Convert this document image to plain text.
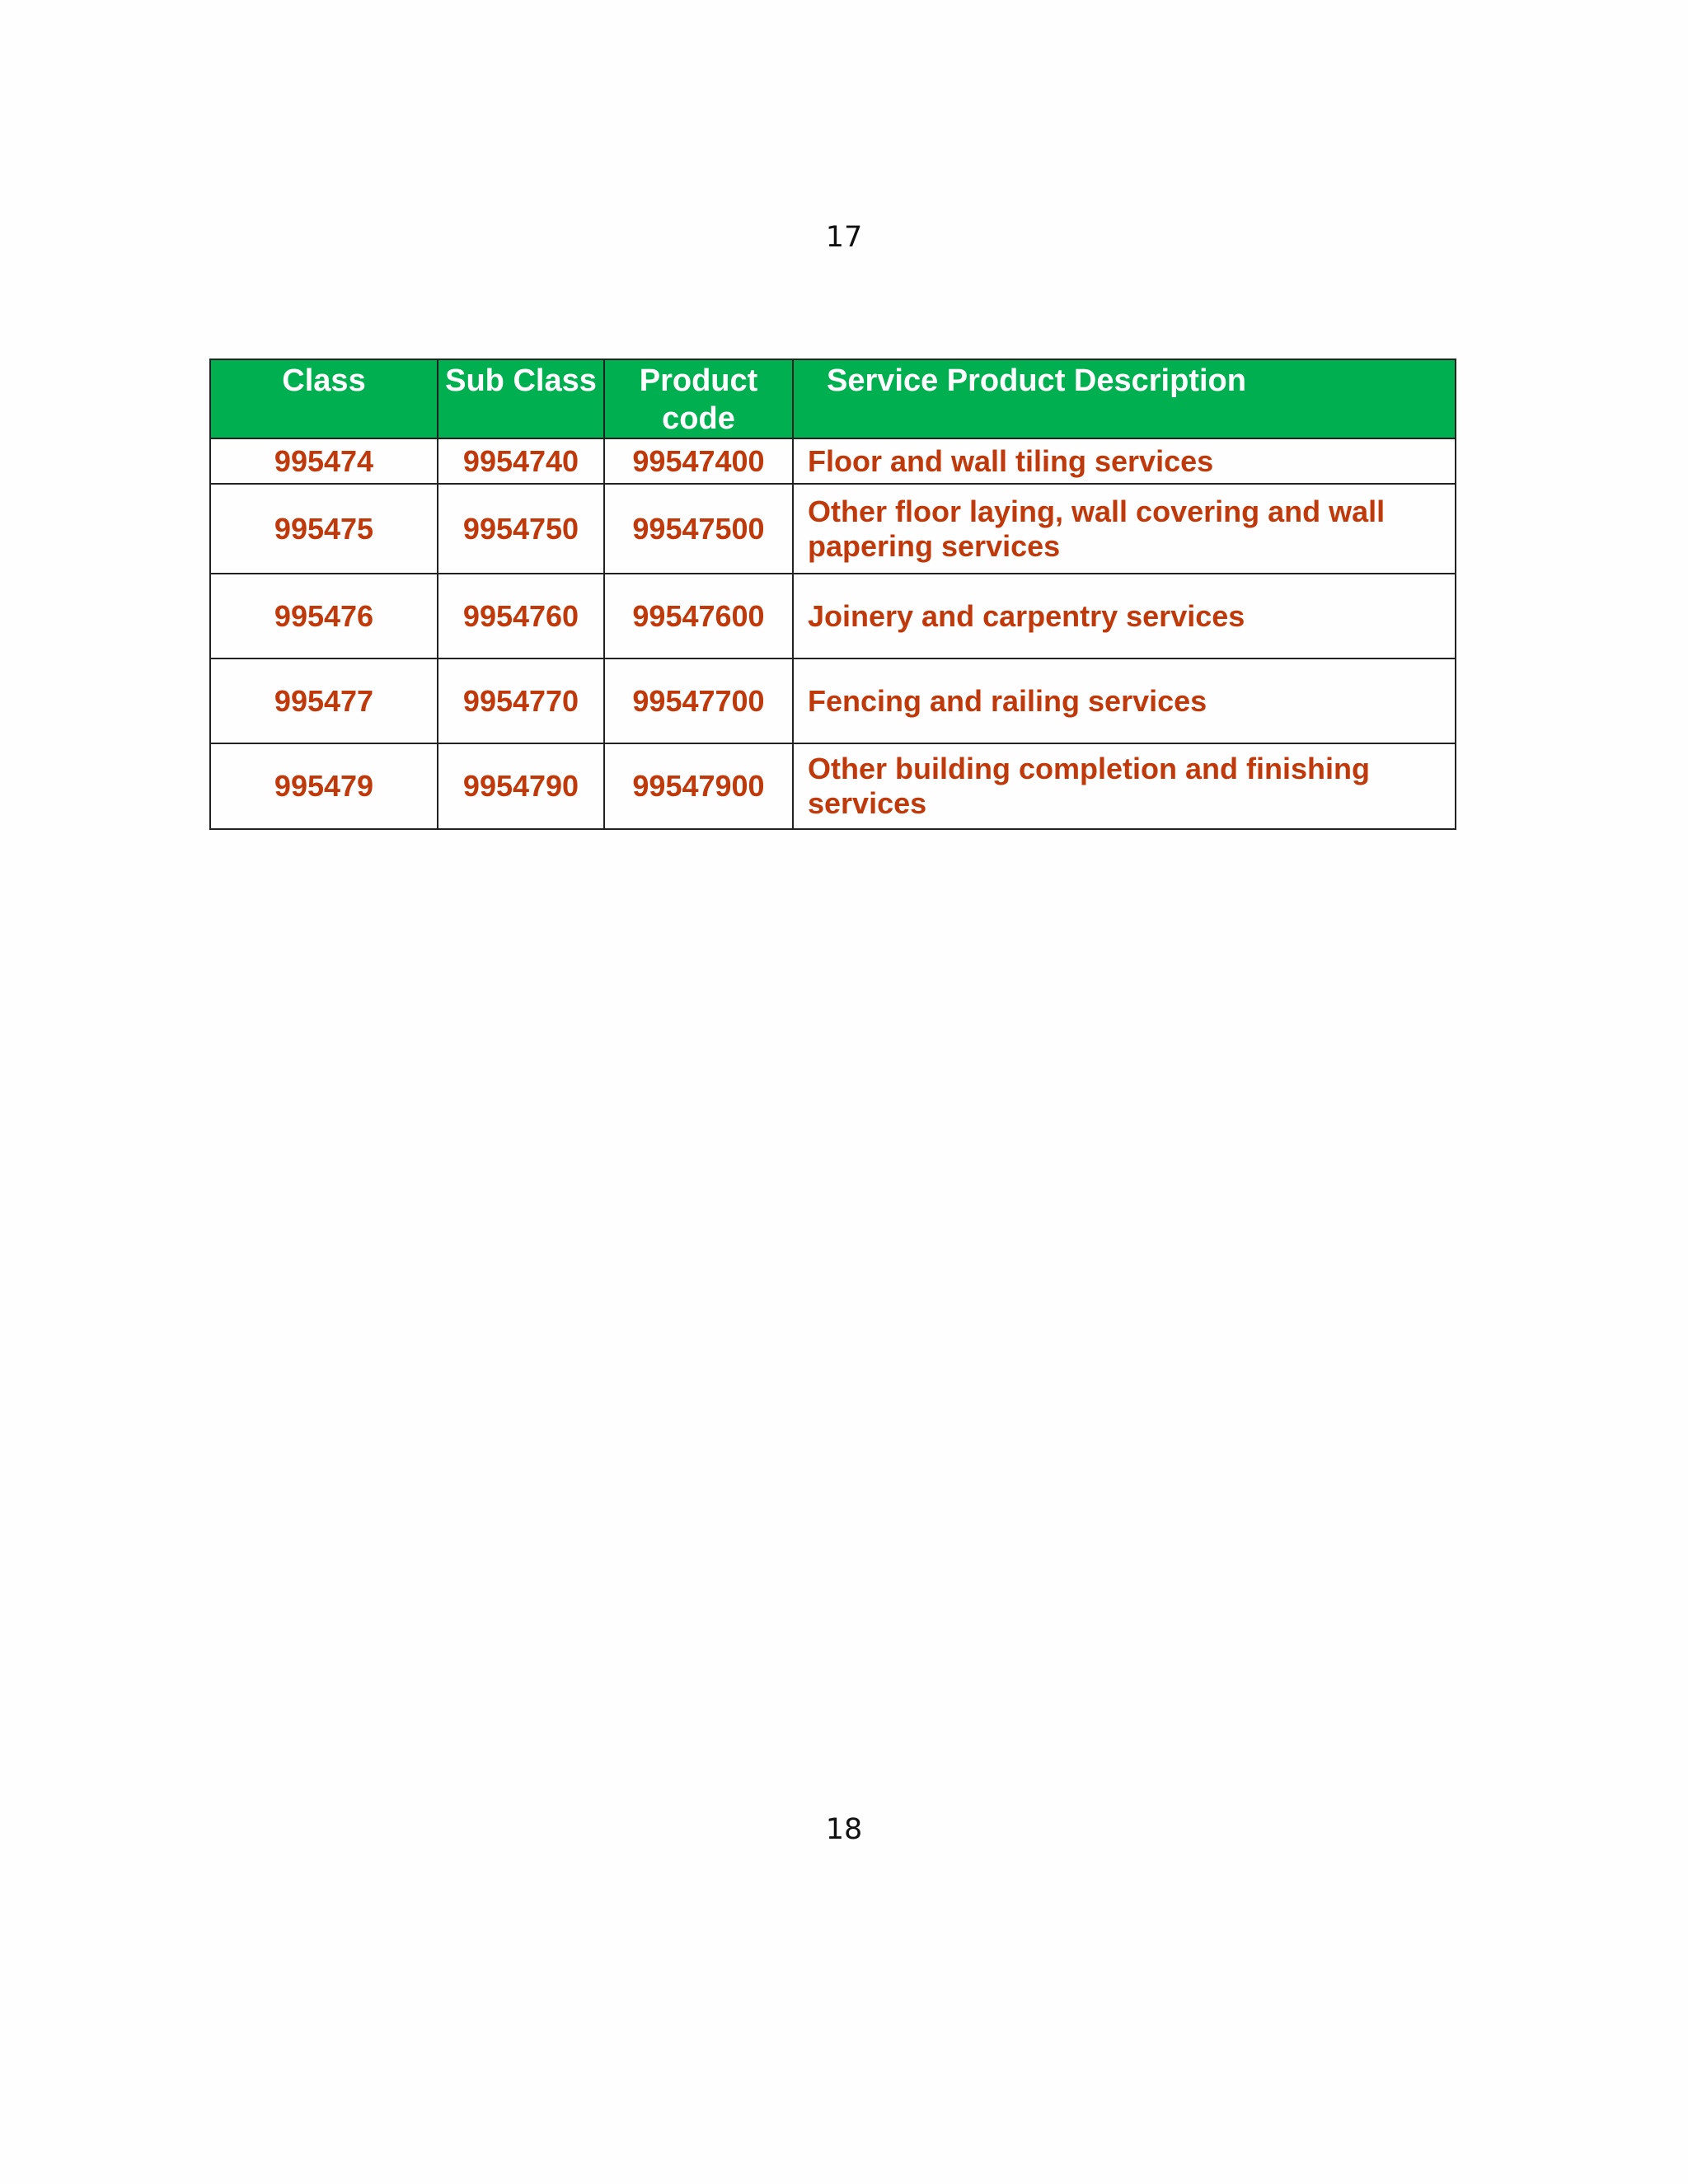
17
Class	Sub Class	Product code	Service Product Description
995474	9954740	99547400	Floor and wall tiling services
995475	9954750	99547500	Other floor laying, wall covering and wall papering services
995476	9954760	99547600	Joinery and carpentry services
995477	9954770	99547700	Fencing and railing services
995479	9954790	99547900	Other building completion and finishing services
18
